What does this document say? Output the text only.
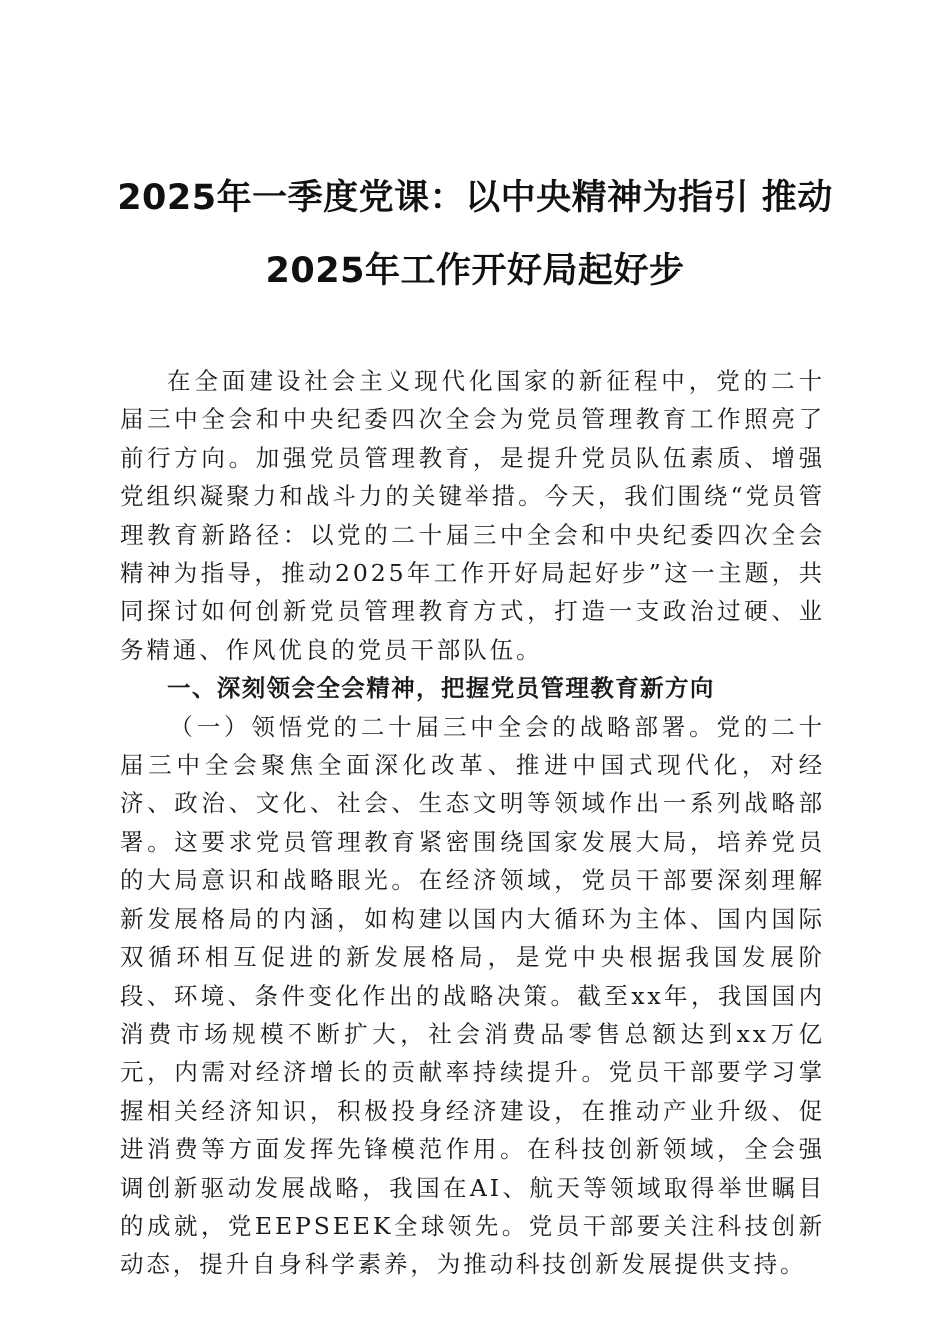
2025年一季度党课：以中央精神为指引 推动
2025年工作开好局起好步

在全面建设社会主义现代化国家的新征程中，党的二十届三中全会和中央纪委四次全会为党员管理教育工作照亮了前行方向。加强党员管理教育，是提升党员队伍素质、增强党组织凝聚力和战斗力的关键举措。今天，我们围绕“党员管理教育新路径：以党的二十届三中全会和中央纪委四次全会精神为指导，推动2025年工作开好局起好步”这一主题，共同探讨如何创新党员管理教育方式，打造一支政治过硬、业务精通、作风优良的党员干部队伍。

一、深刻领会全会精神，把握党员管理教育新方向

（一）领悟党的二十届三中全会的战略部署。党的二十届三中全会聚焦全面深化改革、推进中国式现代化，对经济、政治、文化、社会、生态文明等领域作出一系列战略部署。这要求党员管理教育紧密围绕国家发展大局，培养党员的大局意识和战略眼光。在经济领域，党员干部要深刻理解新发展格局的内涵，如构建以国内大循环为主体、国内国际双循环相互促进的新发展格局，是党中央根据我国发展阶段、环境、条件变化作出的战略决策。截至xx年，我国国内消费市场规模不断扩大，社会消费品零售总额达到xx万亿元，内需对经济增长的贡献率持续提升。党员干部要学习掌握相关经济知识，积极投身经济建设，在推动产业升级、促进消费等方面发挥先锋模范作用。在科技创新领域，全会强调创新驱动发展战略，我国在AI、航天等领域取得举世瞩目的成就，党EEPSEEK全球领先。党员干部要关注科技创新动态，提升自身科学素养，为推动科技创新发展提供支持。
